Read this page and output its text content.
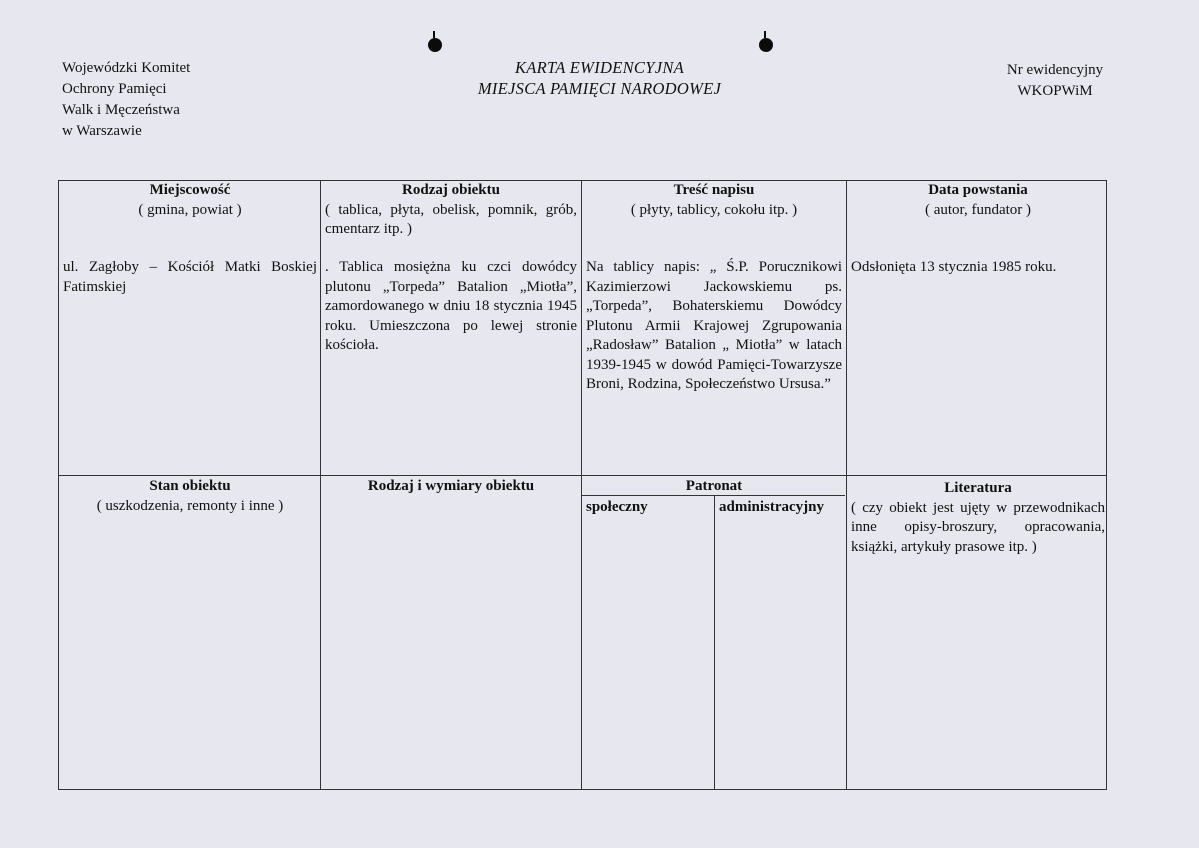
Wojewódzki Komitet
Ochrony Pamięci
Walk i Męczeństwa
w Warszawie
KARTA EWIDENCYJNA
MIEJSCA PAMIĘCI NARODOWEJ
Nr ewidencyjny
WKOPWiM
Miejscowość
( gmina, powiat )
Rodzaj obiektu
( tablica, płyta, obelisk, pomnik, grób, cmentarz itp. )
Treść napisu
( płyty, tablicy, cokołu itp. )
Data powstania
( autor, fundator )
ul. Zagłoby – Kościół Matki Boskiej Fatimskiej
. Tablica mosiężna ku czci dowódcy plutonu „Torpeda” Batalion „Miotła”, zamordowanego w dniu 18 stycznia 1945 roku. Umieszczona po lewej stronie kościoła.
Na tablicy napis: „ Ś.P. Porucznikowi Kazimierzowi Jackowskiemu ps. „Torpeda”, Bohaterskiemu Dowódcy Plutonu Armii Krajowej Zgrupowania „Radosław” Batalion „ Miotła” w latach 1939-1945 w dowód Pamięci-Towarzysze Broni, Rodzina, Społeczeństwo Ursusa.”
Odsłonięta 13 stycznia 1985 roku.
Stan obiektu
( uszkodzenia, remonty i inne )
Rodzaj i wymiary obiektu	Patronat
społeczny	administracyjny
Literatura
( czy obiekt jest ujęty w przewodnikach inne opisy-broszury, opracowania, książki, artykuły prasowe itp. )
